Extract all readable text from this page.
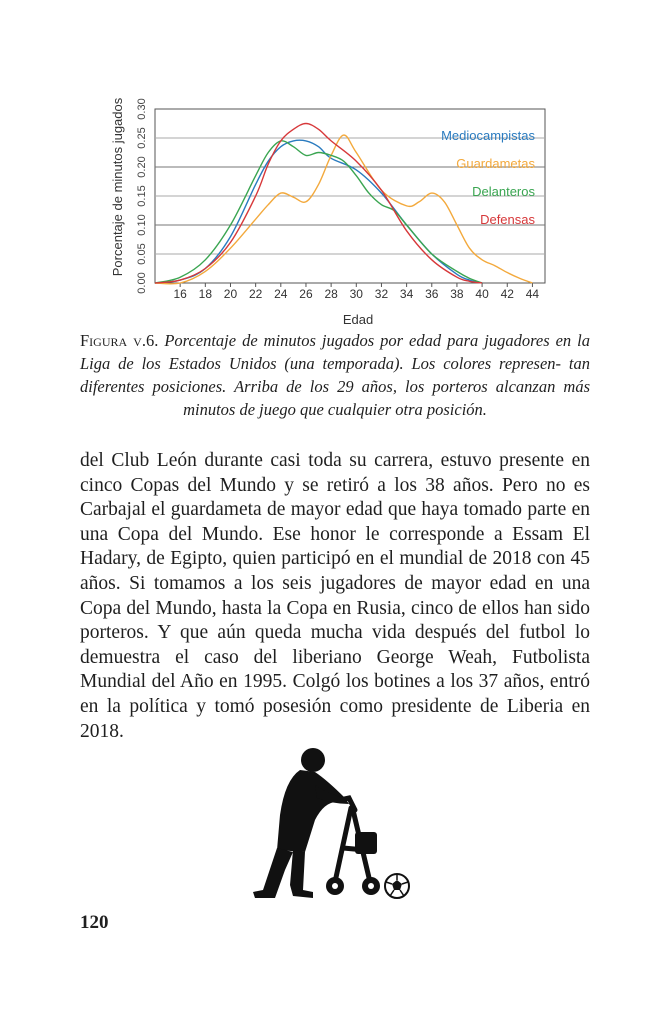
Porcentaje de minutos jugados
Edad
0.00
0.05
0.10
0.15
0.20
0.25
0.30
16 18 20 22 24 26 28 30 32 34 36 38 40 42 44
Mediocampistas
Guardametas
Delanteros
Defensas
Figura v.6. Porcentaje de minutos jugados por edad para jugadores en la Liga de los Estados Unidos (una temporada). Los colores represen- tan diferentes posiciones. Arriba de los 29 años, los porteros alcanzan más minutos de juego que cualquier otra posición.
del Club León durante casi toda su carrera, estuvo presente en cinco Copas del Mundo y se retiró a los 38 años. Pero no es Carbajal el guardameta de mayor edad que haya tomado parte en una Copa del Mundo. Ese honor le corresponde a Essam El Hadary, de Egipto, quien participó en el mundial de 2018 con 45 años. Si tomamos a los seis jugadores de mayor edad en una Copa del Mundo, hasta la Copa en Rusia, cinco de ellos han sido porteros. Y que aún queda mucha vida después del futbol lo demuestra el caso del liberiano George Weah, Futbolista Mundial del Año en 1995. Colgó los botines a los 37 años, entró en la política y tomó posesión como presidente de Liberia en 2018.
120
